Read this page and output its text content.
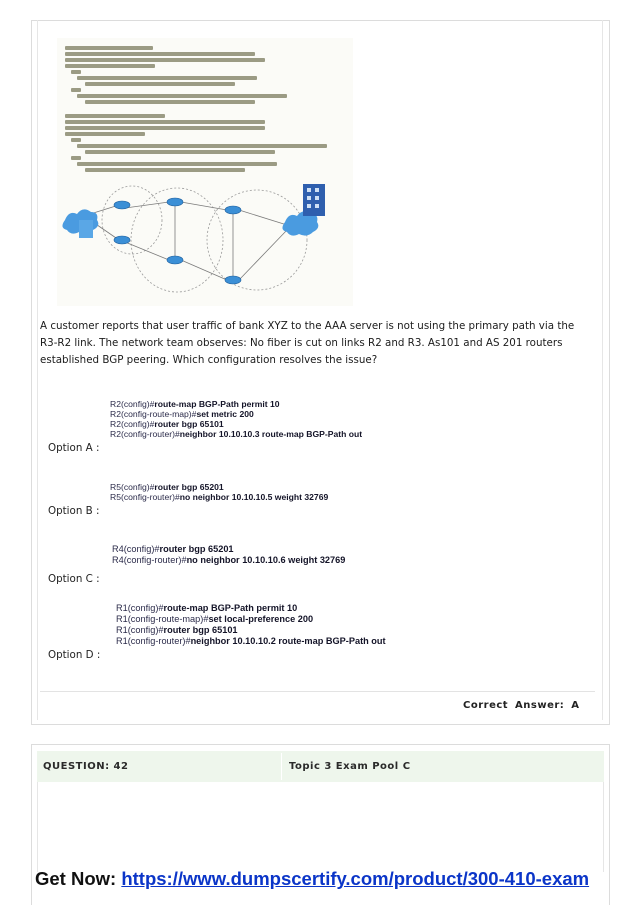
A customer reports that user traffic of bank XYZ to the AAA server is not using the primary path via the R3-R2 link. The network team observes: No fiber is cut on links R2 and R3. As101 and AS 201 routers established BGP peering. Which configuration resolves the issue?
R2(config)#route-map BGP-Path permit 10
R2(config-route-map)#set metric 200
R2(config)#router bgp 65101
R2(config-router)#neighbor 10.10.10.3 route-map BGP-Path out
Option A :
R5(config)#router bgp 65201
R5(config-router)#no neighbor 10.10.10.5 weight 32769
Option B :
R4(config)#router bgp 65201
R4(config-router)#no neighbor 10.10.10.6 weight 32769
Option C :
R1(config)#route-map BGP-Path permit 10
R1(config-route-map)#set local-preference 200
R1(config)#router bgp 65101
R1(config-router)#neighbor 10.10.10.2 route-map BGP-Path out
Option D :
Correct Answer: A
QUESTION: 42	Topic 3 Exam Pool C
Get Now: https://www.dumpscertify.com/product/300-410-exam
